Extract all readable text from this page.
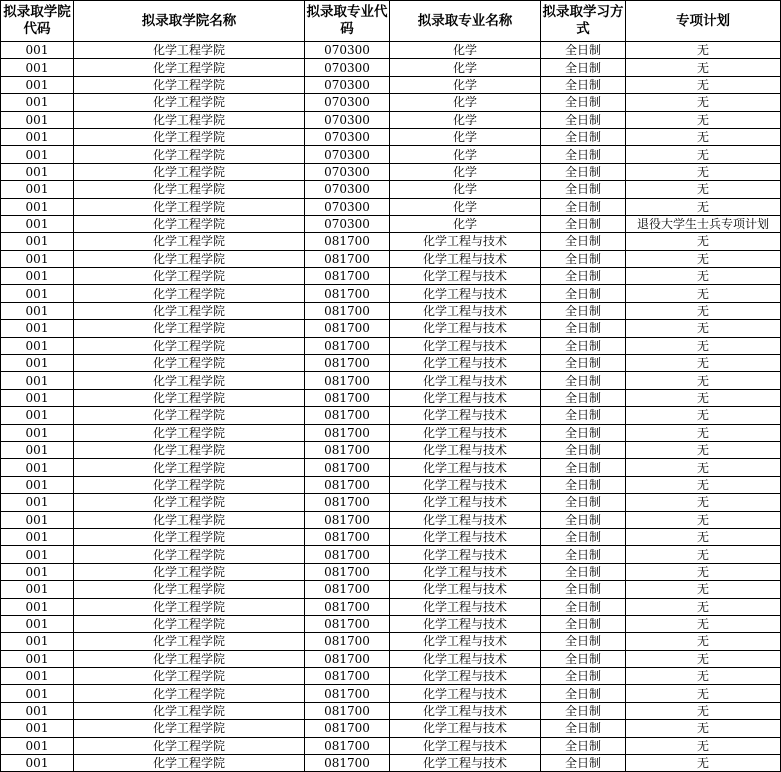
拟录取学院代码	拟录取学院名称	拟录取专业代码	拟录取专业名称	拟录取学习方式	专项计划
001	化学工程学院	070300	化学	全日制	无
001	化学工程学院	070300	化学	全日制	无
001	化学工程学院	070300	化学	全日制	无
001	化学工程学院	070300	化学	全日制	无
001	化学工程学院	070300	化学	全日制	无
001	化学工程学院	070300	化学	全日制	无
001	化学工程学院	070300	化学	全日制	无
001	化学工程学院	070300	化学	全日制	无
001	化学工程学院	070300	化学	全日制	无
001	化学工程学院	070300	化学	全日制	无
001	化学工程学院	070300	化学	全日制	退役大学生士兵专项计划
001	化学工程学院	081700	化学工程与技术	全日制	无
001	化学工程学院	081700	化学工程与技术	全日制	无
001	化学工程学院	081700	化学工程与技术	全日制	无
001	化学工程学院	081700	化学工程与技术	全日制	无
001	化学工程学院	081700	化学工程与技术	全日制	无
001	化学工程学院	081700	化学工程与技术	全日制	无
001	化学工程学院	081700	化学工程与技术	全日制	无
001	化学工程学院	081700	化学工程与技术	全日制	无
001	化学工程学院	081700	化学工程与技术	全日制	无
001	化学工程学院	081700	化学工程与技术	全日制	无
001	化学工程学院	081700	化学工程与技术	全日制	无
001	化学工程学院	081700	化学工程与技术	全日制	无
001	化学工程学院	081700	化学工程与技术	全日制	无
001	化学工程学院	081700	化学工程与技术	全日制	无
001	化学工程学院	081700	化学工程与技术	全日制	无
001	化学工程学院	081700	化学工程与技术	全日制	无
001	化学工程学院	081700	化学工程与技术	全日制	无
001	化学工程学院	081700	化学工程与技术	全日制	无
001	化学工程学院	081700	化学工程与技术	全日制	无
001	化学工程学院	081700	化学工程与技术	全日制	无
001	化学工程学院	081700	化学工程与技术	全日制	无
001	化学工程学院	081700	化学工程与技术	全日制	无
001	化学工程学院	081700	化学工程与技术	全日制	无
001	化学工程学院	081700	化学工程与技术	全日制	无
001	化学工程学院	081700	化学工程与技术	全日制	无
001	化学工程学院	081700	化学工程与技术	全日制	无
001	化学工程学院	081700	化学工程与技术	全日制	无
001	化学工程学院	081700	化学工程与技术	全日制	无
001	化学工程学院	081700	化学工程与技术	全日制	无
001	化学工程学院	081700	化学工程与技术	全日制	无
001	化学工程学院	081700	化学工程与技术	全日制	无
